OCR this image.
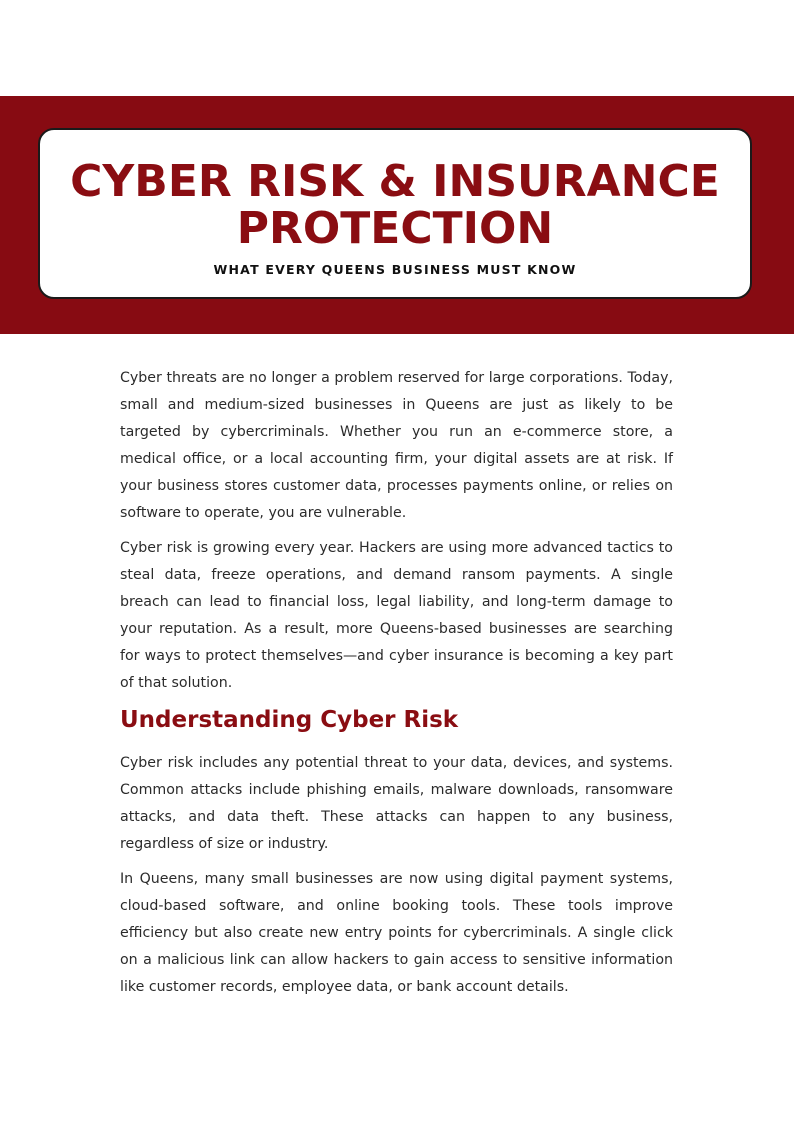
CYBER RISK & INSURANCE PROTECTION
WHAT EVERY QUEENS BUSINESS MUST KNOW

Cyber threats are no longer a problem reserved for large corporations. Today, small and medium-sized businesses in Queens are just as likely to be targeted by cybercriminals. Whether you run an e-commerce store, a medical office, or a local accounting firm, your digital assets are at risk. If your business stores customer data, processes payments online, or relies on software to operate, you are vulnerable.

Cyber risk is growing every year. Hackers are using more advanced tactics to steal data, freeze operations, and demand ransom payments. A single breach can lead to financial loss, legal liability, and long-term damage to your reputation. As a result, more Queens-based businesses are searching for ways to protect themselves—and cyber insurance is becoming a key part of that solution.

Understanding Cyber Risk

Cyber risk includes any potential threat to your data, devices, and systems. Common attacks include phishing emails, malware downloads, ransomware attacks, and data theft. These attacks can happen to any business, regardless of size or industry.

In Queens, many small businesses are now using digital payment systems, cloud-based software, and online booking tools. These tools improve efficiency but also create new entry points for cybercriminals. A single click on a malicious link can allow hackers to gain access to sensitive information like customer records, employee data, or bank account details.
